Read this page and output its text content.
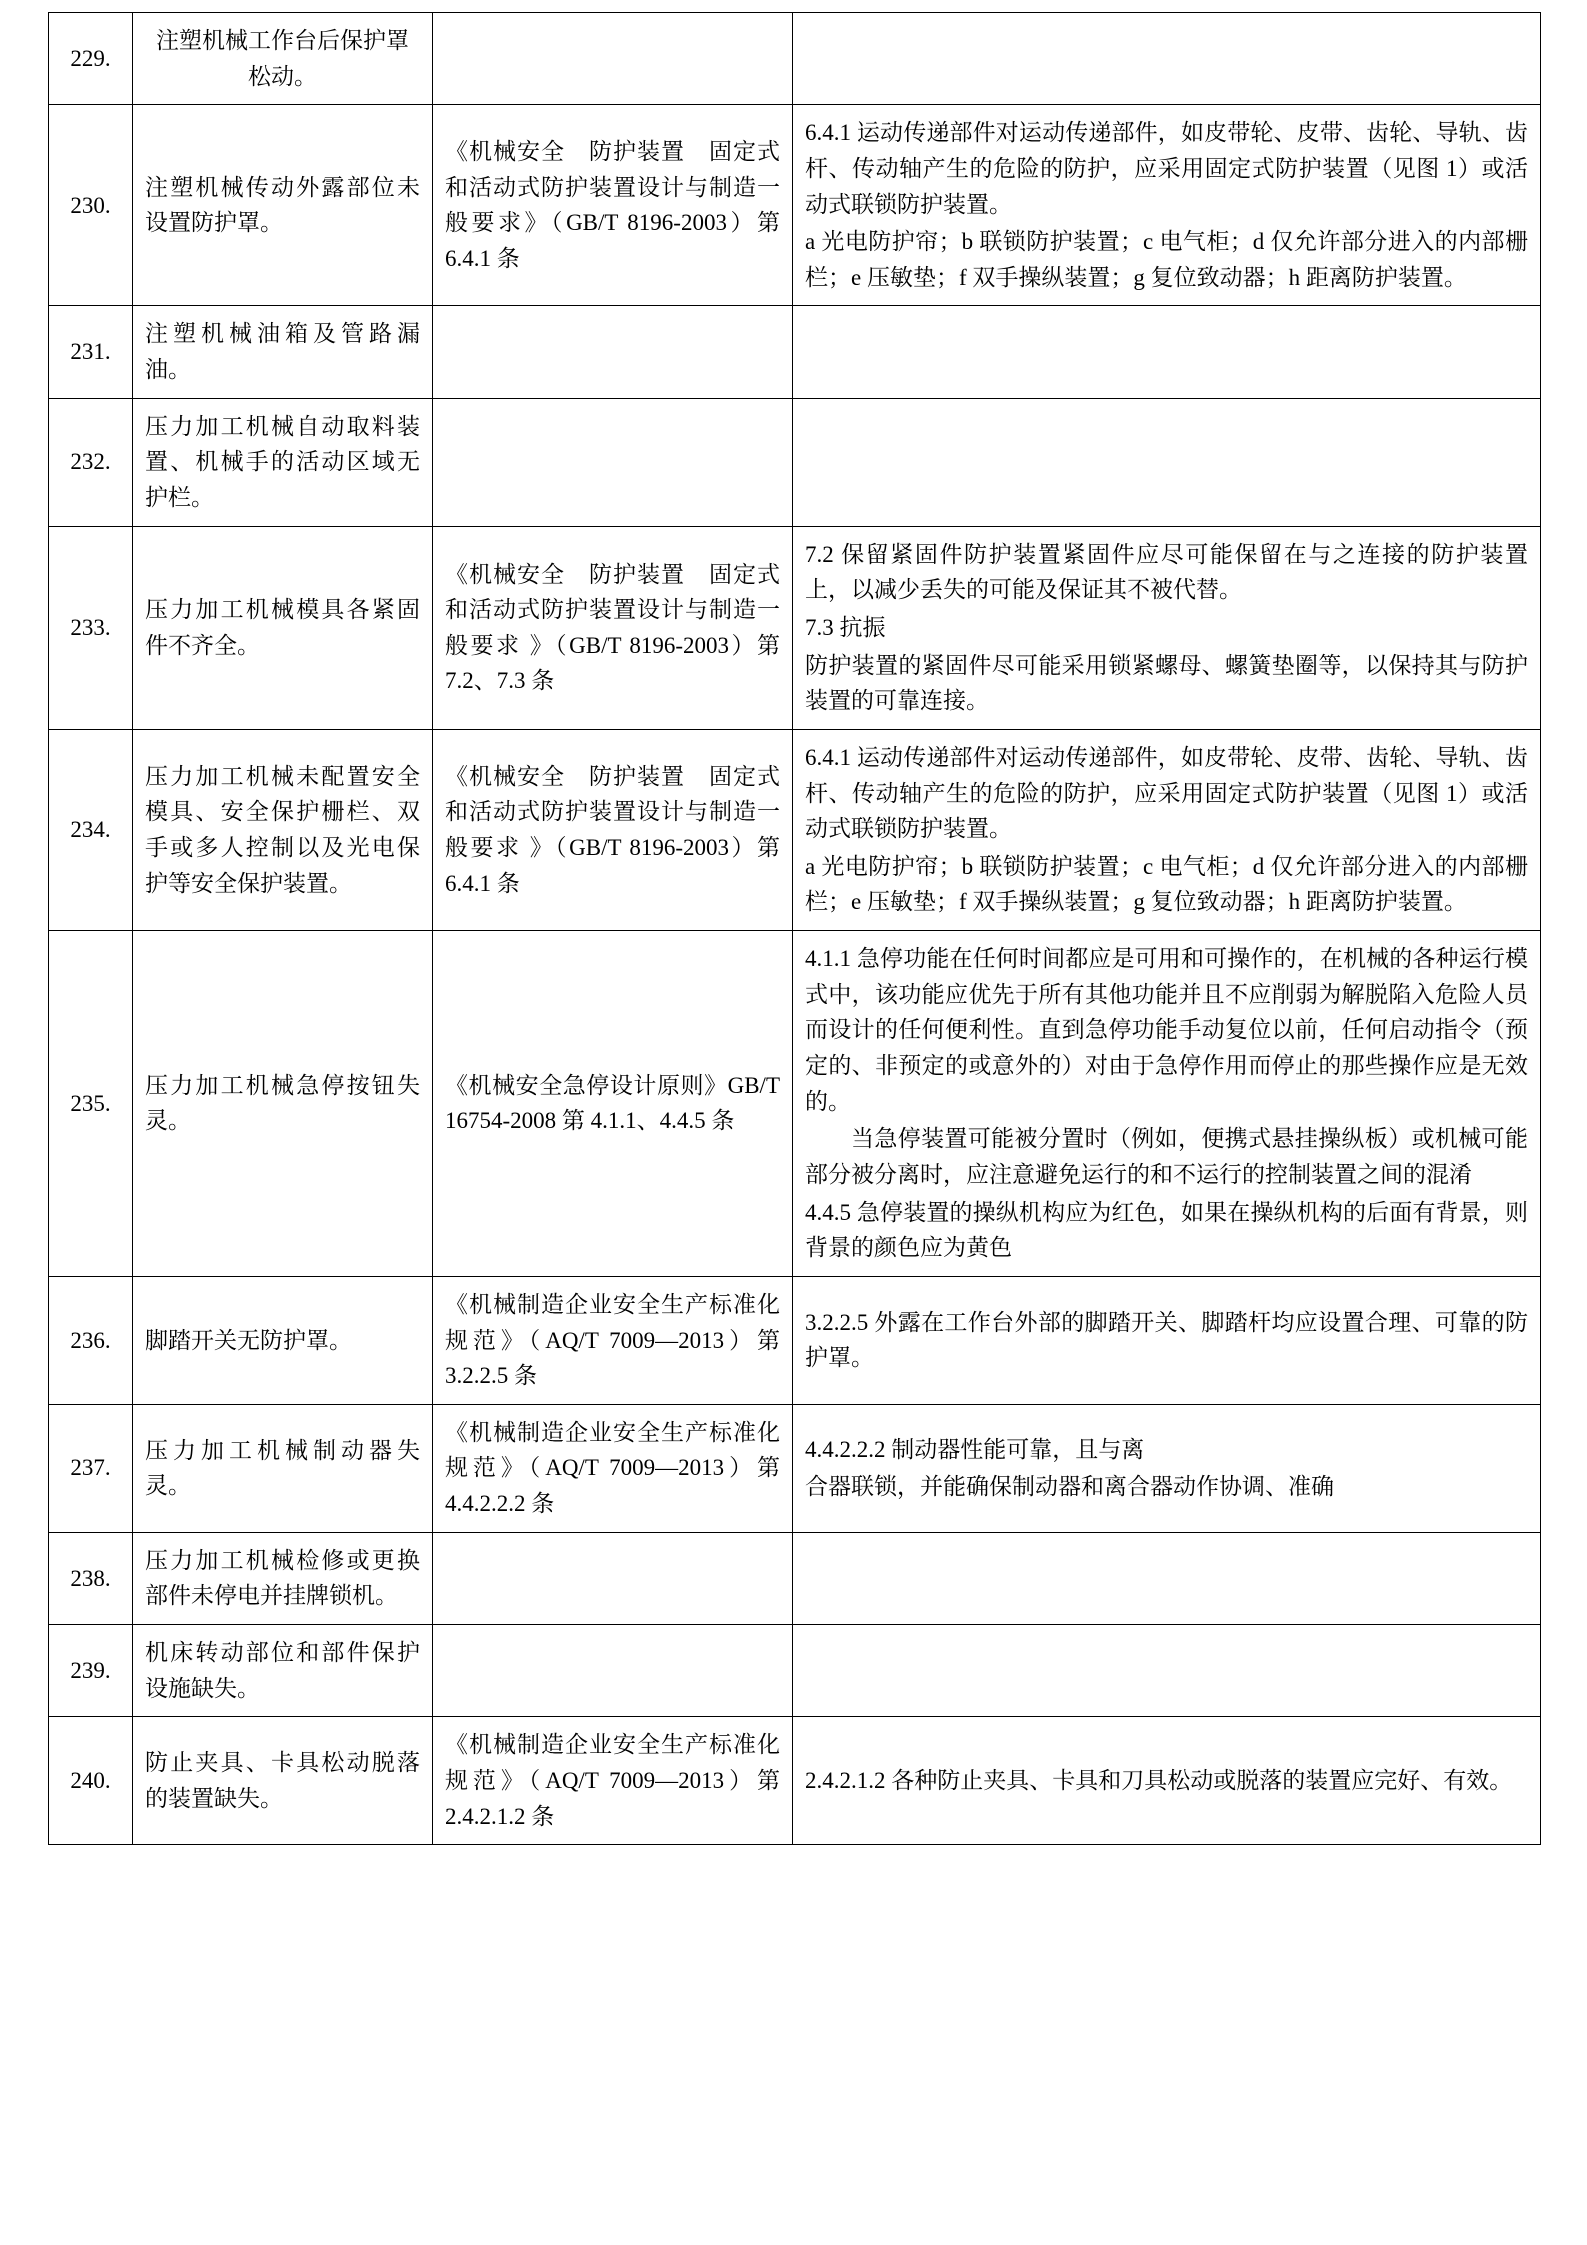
229.	注塑机械工作台后保护罩松动。		
230.	注塑机械传动外露部位未设置防护罩。	《机械安全　防护装置　固定式和活动式防护装置设计与制造一般要求》（GB/T 8196-2003）第 6.4.1 条	6.4.1 运动传递部件对运动传递部件，如皮带轮、皮带、齿轮、导轨、齿杆、传动轴产生的危险的防护，应采用固定式防护装置（见图 1）或活动式联锁防护装置。
a 光电防护帘；b 联锁防护装置；c 电气柜；d 仅允许部分进入的内部栅栏；e 压敏垫；f 双手操纵装置；g 复位致动器；h 距离防护装置。

231.	注塑机械油箱及管路漏油。		
232.	压力加工机械自动取料装置、机械手的活动区域无护栏。		
233.	压力加工机械模具各紧固件不齐全。	《机械安全　防护装置　固定式和活动式防护装置设计与制造一般要求 》（GB/T 8196-2003）第 7.2、7.3 条	7.2 保留紧固件防护装置紧固件应尽可能保留在与之连接的防护装置上，以减少丢失的可能及保证其不被代替。
7.3 抗振
防护装置的紧固件尽可能采用锁紧螺母、螺簧垫圈等，以保持其与防护装置的可靠连接。

234.	压力加工机械未配置安全模具、安全保护栅栏、双手或多人控制以及光电保护等安全保护装置。	《机械安全　防护装置　固定式和活动式防护装置设计与制造一般要求 》（GB/T 8196-2003）第 6.4.1 条	6.4.1 运动传递部件对运动传递部件，如皮带轮、皮带、齿轮、导轨、齿杆、传动轴产生的危险的防护，应采用固定式防护装置（见图 1）或活动式联锁防护装置。
a 光电防护帘；b 联锁防护装置；c 电气柜；d 仅允许部分进入的内部栅栏；e 压敏垫；f 双手操纵装置；g 复位致动器；h 距离防护装置。

235.	压力加工机械急停按钮失灵。	《机械安全急停设计原则》GB/T 16754-2008 第 4.1.1、4.4.5 条	4.1.1 急停功能在任何时间都应是可用和可操作的，在机械的各种运行模式中，该功能应优先于所有其他功能并且不应削弱为解脱陷入危险人员而设计的任何便利性。直到急停功能手动复位以前，任何启动指令（预定的、非预定的或意外的）对由于急停作用而停止的那些操作应是无效的。
当急停装置可能被分置时（例如，便携式悬挂操纵板）或机械可能部分被分离时，应注意避免运行的和不运行的控制装置之间的混淆
4.4.5 急停装置的操纵机构应为红色，如果在操纵机构的后面有背景，则背景的颜色应为黄色

236.	脚踏开关无防护罩。	《机械制造企业安全生产标准化规范》（AQ/T 7009—2013）第 3.2.2.5 条	3.2.2.5 外露在工作台外部的脚踏开关、脚踏杆均应设置合理、可靠的防护罩。

237.	压力加工机械制动器失灵。	《机械制造企业安全生产标准化规范》（AQ/T 7009—2013）第 4.4.2.2.2 条	4.4.2.2.2 制动器性能可靠，且与离
合器联锁，并能确保制动器和离合器动作协调、准确

238.	压力加工机械检修或更换部件未停电并挂牌锁机。		
239.	机床转动部位和部件保护设施缺失。		
240.	防止夹具、卡具松动脱落的装置缺失。	《机械制造企业安全生产标准化规范》（AQ/T 7009—2013）第 2.4.2.1.2 条	2.4.2.1.2 各种防止夹具、卡具和刀具松动或脱落的装置应完好、有效。
